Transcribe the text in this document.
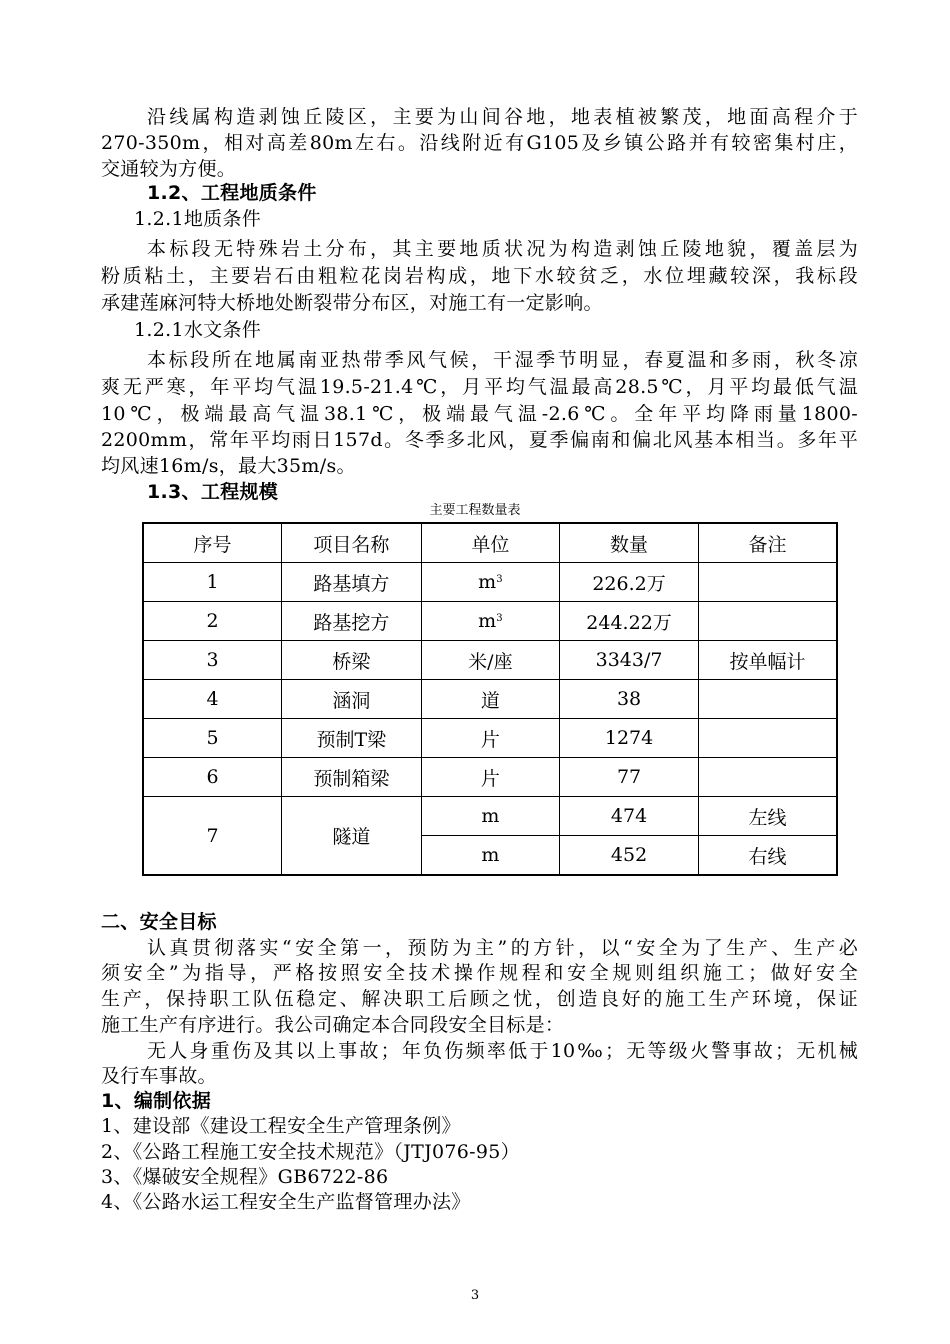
沿线属构造剥蚀丘陵区，主要为山间谷地，地表植被繁茂，地面高程介于
270-350m，相对高差80m左右。沿线附近有G105及乡镇公路并有较密集村庄，
交通较为方便。
1.2、工程地质条件
1.2.1地质条件
本标段无特殊岩土分布，其主要地质状况为构造剥蚀丘陵地貌，覆盖层为
粉质粘土，主要岩石由粗粒花岗岩构成，地下水较贫乏，水位埋藏较深，我标段
承建莲麻河特大桥地处断裂带分布区，对施工有一定影响。
1.2.1水文条件
本标段所在地属南亚热带季风气候，干湿季节明显，春夏温和多雨，秋冬凉
爽无严寒，年平均气温19.5-21.4℃，月平均气温最高28.5℃，月平均最低气温
10℃，极端最高气温38.1℃，极端最气温-2.6℃。全年平均降雨量1800-
2200mm，常年平均雨日157d。冬季多北风，夏季偏南和偏北风基本相当。多年平
均风速16m/s，最大35m/s。
1.3、工程规模
主要工程数量表
序号	项目名称	单位	数量	备注
1	路基填方	$m^3$	226.2万	
2	路基挖方	$m^3$	244.22万	
3	桥梁	米/座	3343/7	按单幅计
4	涵洞	道	38	
5	预制T梁	片	1274	
6	预制箱梁	片	77	
7	隧道	m	474	左线
		m	452	右线
二、安全目标
认真贯彻落实“安全第一，预防为主”的方针，以“安全为了生产、生产必
须安全”为指导，严格按照安全技术操作规程和安全规则组织施工；做好安全
生产，保持职工队伍稳定、解决职工后顾之忧，创造良好的施工生产环境，保证
施工生产有序进行。我公司确定本合同段安全目标是：
无人身重伤及其以上事故；年负伤频率低于10‰；无等级火警事故；无机械
及行车事故。
1、编制依据
1、建设部《建设工程安全生产管理条例》
2、《公路工程施工安全技术规范》（JTJ076-95）
3、《爆破安全规程》GB6722-86
4、《公路水运工程安全生产监督管理办法》
3
